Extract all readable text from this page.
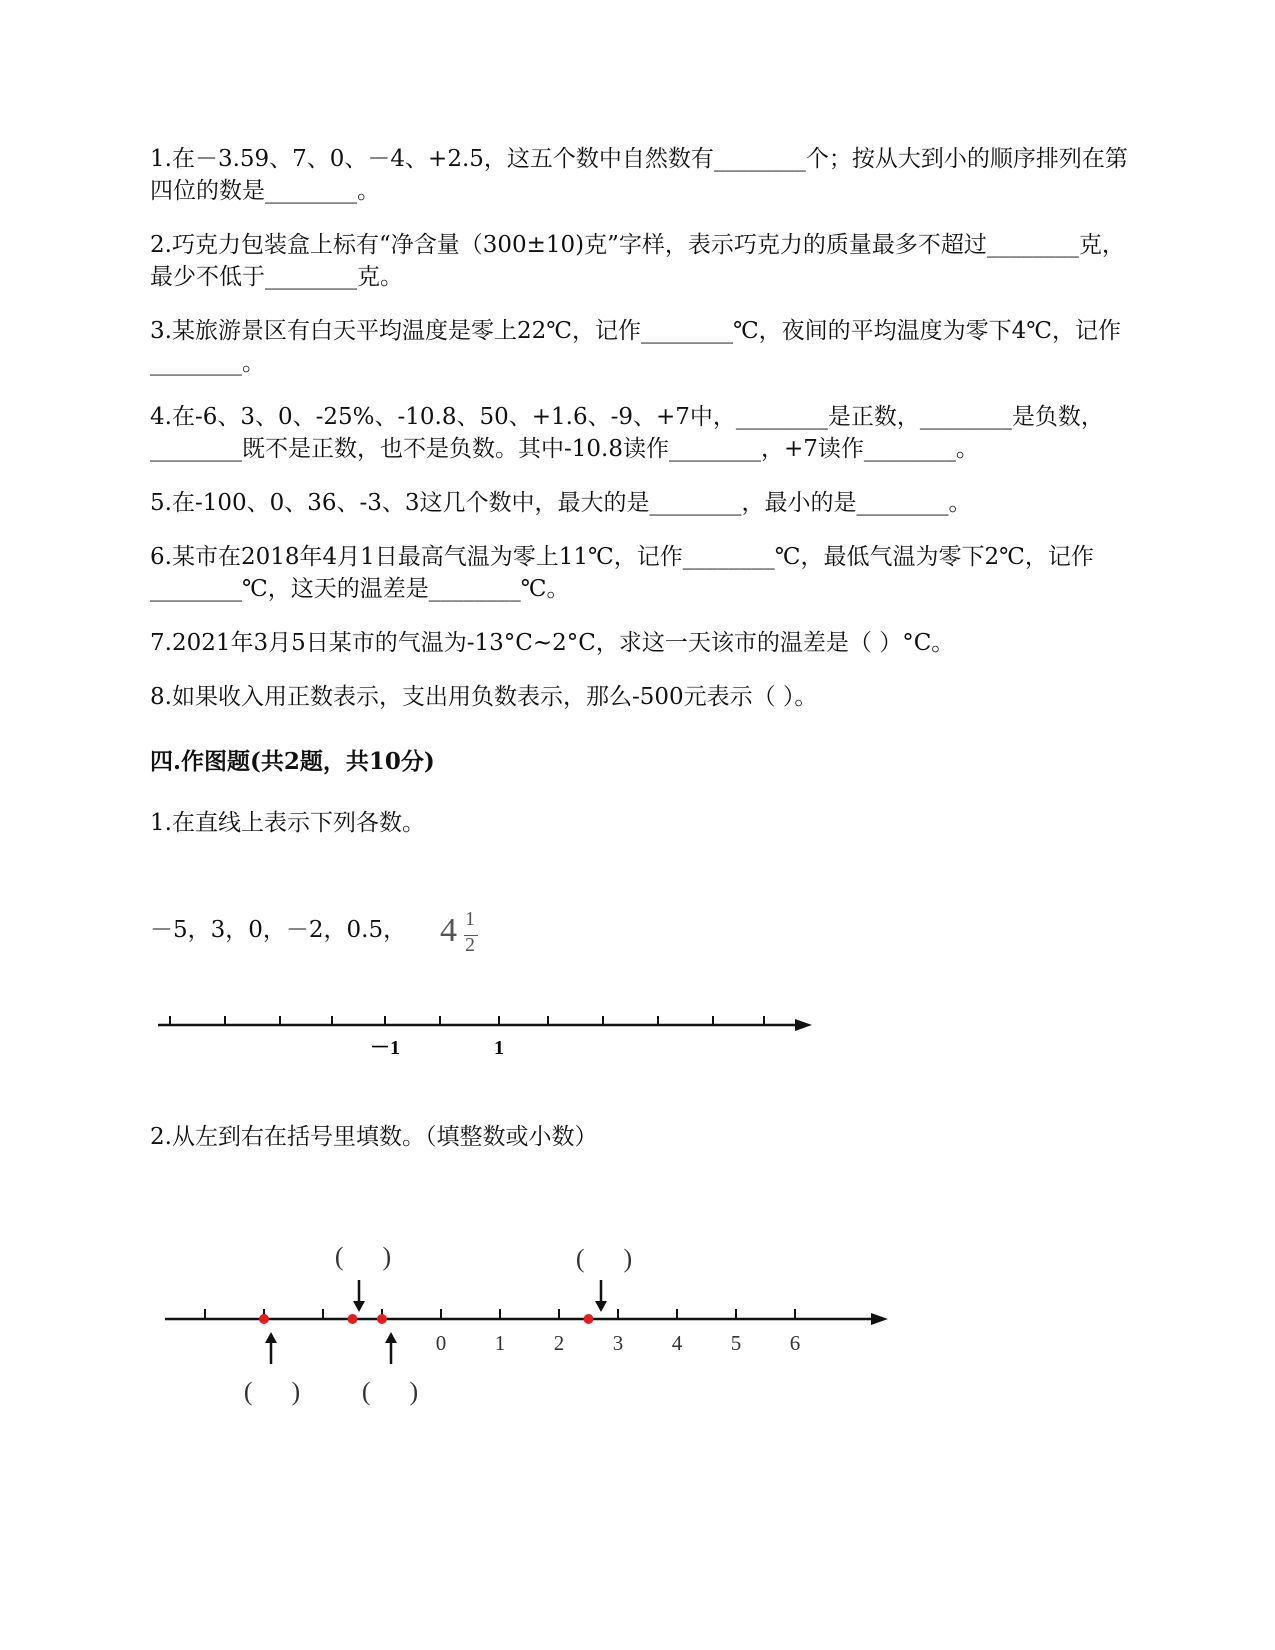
1.在－3.59、7、0、－4、+2.5，这五个数中自然数有________个；按从大到小的顺序排列在第四位的数是________。

2.巧克力包装盒上标有“净含量（300±10)克”字样，表示巧克力的质量最多不超过________克，最少不低于________克。

3.某旅游景区有白天平均温度是零上22℃，记作________℃，夜间的平均温度为零下4℃，记作________。

4.在-6、3、0、-25%、-10.8、50、+1.6、-9、+7中，________是正数，________是负数，________既不是正数，也不是负数。其中-10.8读作________，+7读作________。

5.在-100、0、36、-3、3这几个数中，最大的是________，最小的是________。

6.某市在2018年4月1日最高气温为零上11℃，记作________℃，最低气温为零下2℃，记作________℃，这天的温差是________℃。

7.2021年3月5日某市的气温为-13°C~2°C，求这一天该市的温差是（ ）°C。

8.如果收入用正数表示，支出用负数表示，那么-500元表示（ ）。

四.作图题(共2题，共10分)

1.在直线上表示下列各数。

－5，3，0，－2，0.5， 4 1
2

2.从左到右在括号里填数。（填整数或小数）

－1	1
0 1 2 3 4 5 6
(      )	(      )
(      ) (      )
